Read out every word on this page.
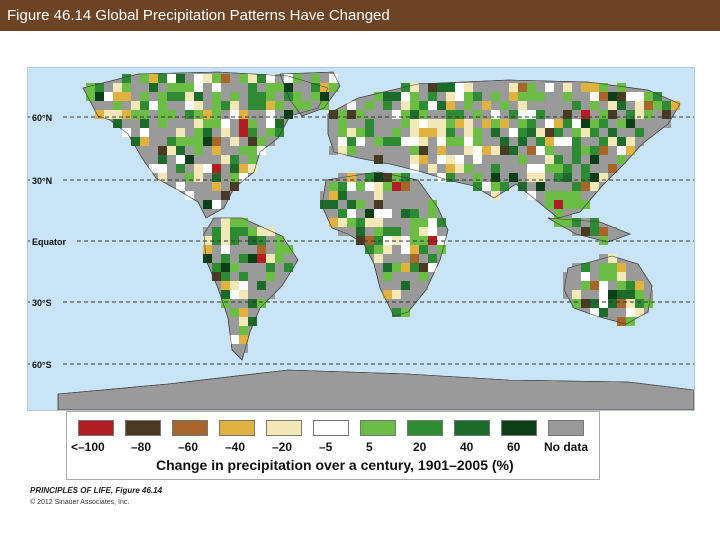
Figure 46.14 Global Precipitation Patterns Have Changed
60°N
30°N
Equator
30°S
60°S
<–100 –80 –60 –40 –20 –5	5	20	40	60 No data
Change in precipitation over a century, 1901–2005 (%)
PRINCIPLES OF LIFE, Figure 46.14
© 2012 Sinauer Associates, Inc.
